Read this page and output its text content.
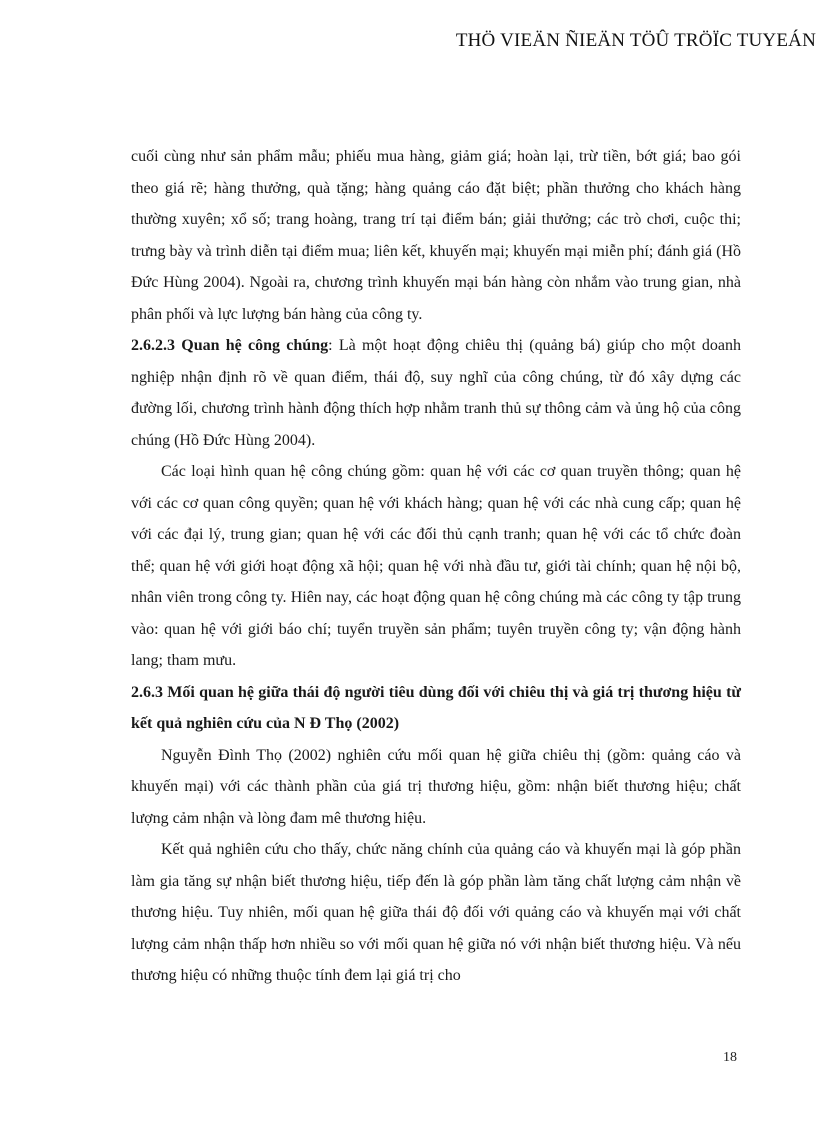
THÖ VIEÄN ÑIEÄN TÖÛ TRÖÏC TUYEÁN

cuối cùng như sản phẩm mẫu; phiếu mua hàng, giảm giá; hoàn lại, trừ tiền, bớt giá; bao gói theo giá rẽ; hàng thưởng, quà tặng; hàng quảng cáo đặt biệt; phần thưởng cho khách hàng thường xuyên; xổ số; trang hoàng, trang trí tại điểm bán; giải thưởng; các trò chơi, cuộc thi; trưng bày và trình diễn tại điểm mua; liên kết, khuyến mại; khuyến mại miễn phí; đánh giá (Hồ Đức Hùng 2004). Ngoài ra, chương trình khuyến mại bán hàng còn nhắm vào trung gian, nhà phân phối và lực lượng bán hàng của công ty.

2.6.2.3 Quan hệ công chúng: Là một hoạt động chiêu thị (quảng bá) giúp cho một doanh nghiệp nhận định rõ về quan điểm, thái độ, suy nghĩ của công chúng, từ đó xây dựng các đường lối, chương trình hành động thích hợp nhằm tranh thủ sự thông cảm và ủng hộ của công chúng (Hồ Đức Hùng 2004).

Các loại hình quan hệ công chúng gồm: quan hệ với các cơ quan truyền thông; quan hệ với các cơ quan công quyền; quan hệ với khách hàng; quan hệ với các nhà cung cấp; quan hệ với các đại lý, trung gian; quan hệ với các đối thủ cạnh tranh; quan hệ với các tổ chức đoàn thể; quan hệ với giới hoạt động xã hội; quan hệ với nhà đầu tư, giới tài chính; quan hệ nội bộ, nhân viên trong công ty. Hiên nay, các hoạt động quan hệ công chúng mà các công ty tập trung vào: quan hệ với giới báo chí; tuyển truyền sản phẩm; tuyên truyền công ty; vận động hành lang; tham mưu.

2.6.3 Mối quan hệ giữa thái độ người tiêu dùng đối với chiêu thị và giá trị thương hiệu từ kết quả nghiên cứu của N Đ Thọ (2002)

Nguyễn Đình Thọ (2002) nghiên cứu mối quan hệ giữa chiêu thị (gồm: quảng cáo và khuyến mại) với các thành phần của giá trị thương hiệu, gồm: nhận biết thương hiệu; chất lượng cảm nhận và lòng đam mê thương hiệu.

Kết quả nghiên cứu cho thấy, chức năng chính của quảng cáo và khuyến mại là góp phần làm gia tăng sự nhận biết thương hiệu, tiếp đến là góp phần làm tăng chất lượng cảm nhận về thương hiệu. Tuy nhiên, mối quan hệ giữa thái độ đối với quảng cáo và khuyến mại với chất lượng cảm nhận thấp hơn nhiều so với mối quan hệ giữa nó với nhận biết thương hiệu. Và nếu thương hiệu có những thuộc tính đem lại giá trị cho

18
